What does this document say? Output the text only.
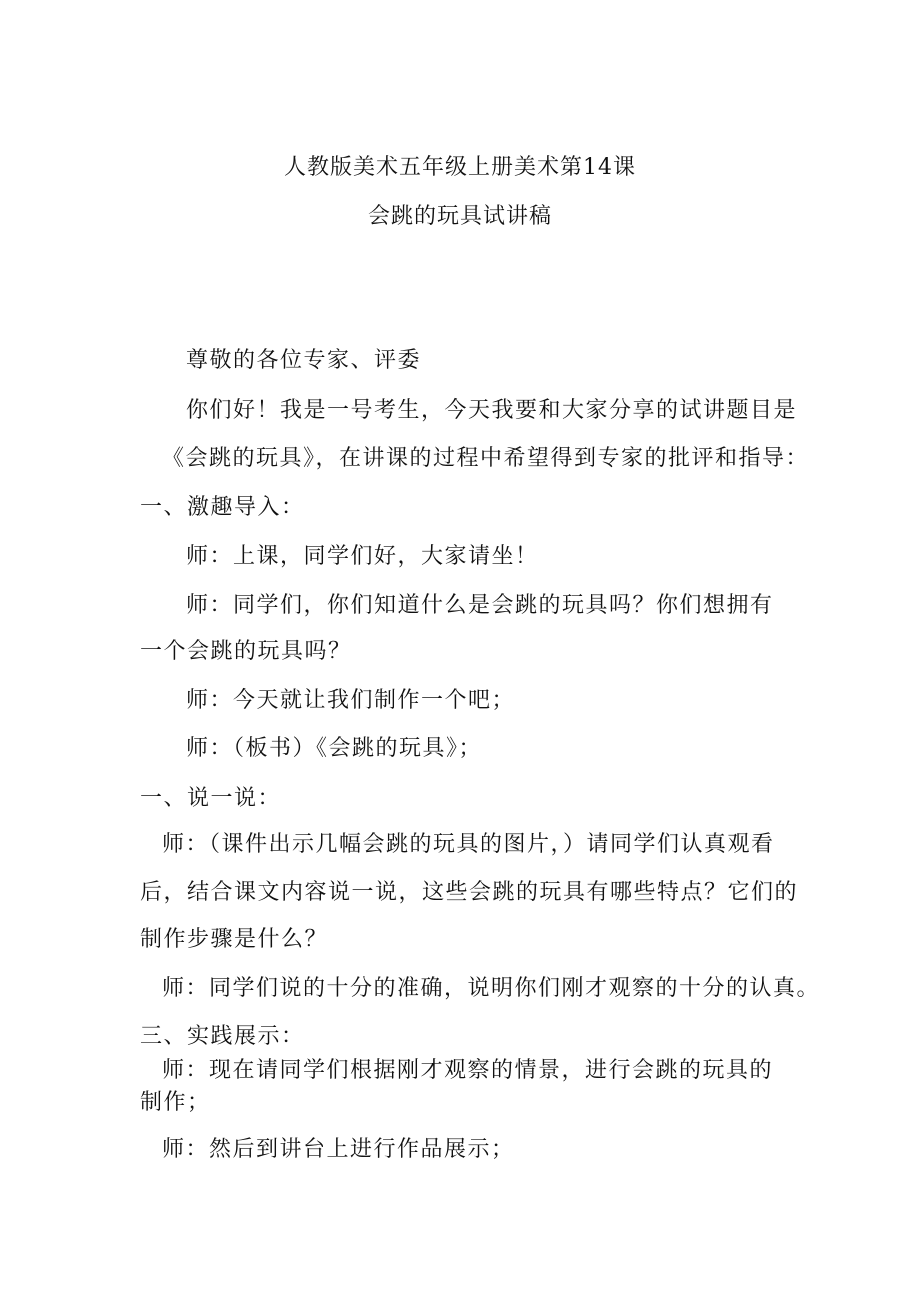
人教版美术五年级上册美术第14课
会跳的玩具试讲稿
尊敬的各位专家、评委
你们好！我是一号考生，今天我要和大家分享的试讲题目是
《会跳的玩具》，在讲课的过程中希望得到专家的批评和指导：
一、激趣导入：
师：上课，同学们好，大家请坐！
师：同学们，你们知道什么是会跳的玩具吗？你们想拥有
一个会跳的玩具吗？
师：今天就让我们制作一个吧；
师：（板书）《会跳的玩具》；
一、说一说：
师：（课件出示几幅会跳的玩具的图片，）请同学们认真观看
后，结合课文内容说一说，这些会跳的玩具有哪些特点？它们的
制作步骤是什么？
师：同学们说的十分的准确，说明你们刚才观察的十分的认真。
三、实践展示：
师：现在请同学们根据刚才观察的情景，进行会跳的玩具的
制作；
师：然后到讲台上进行作品展示；
